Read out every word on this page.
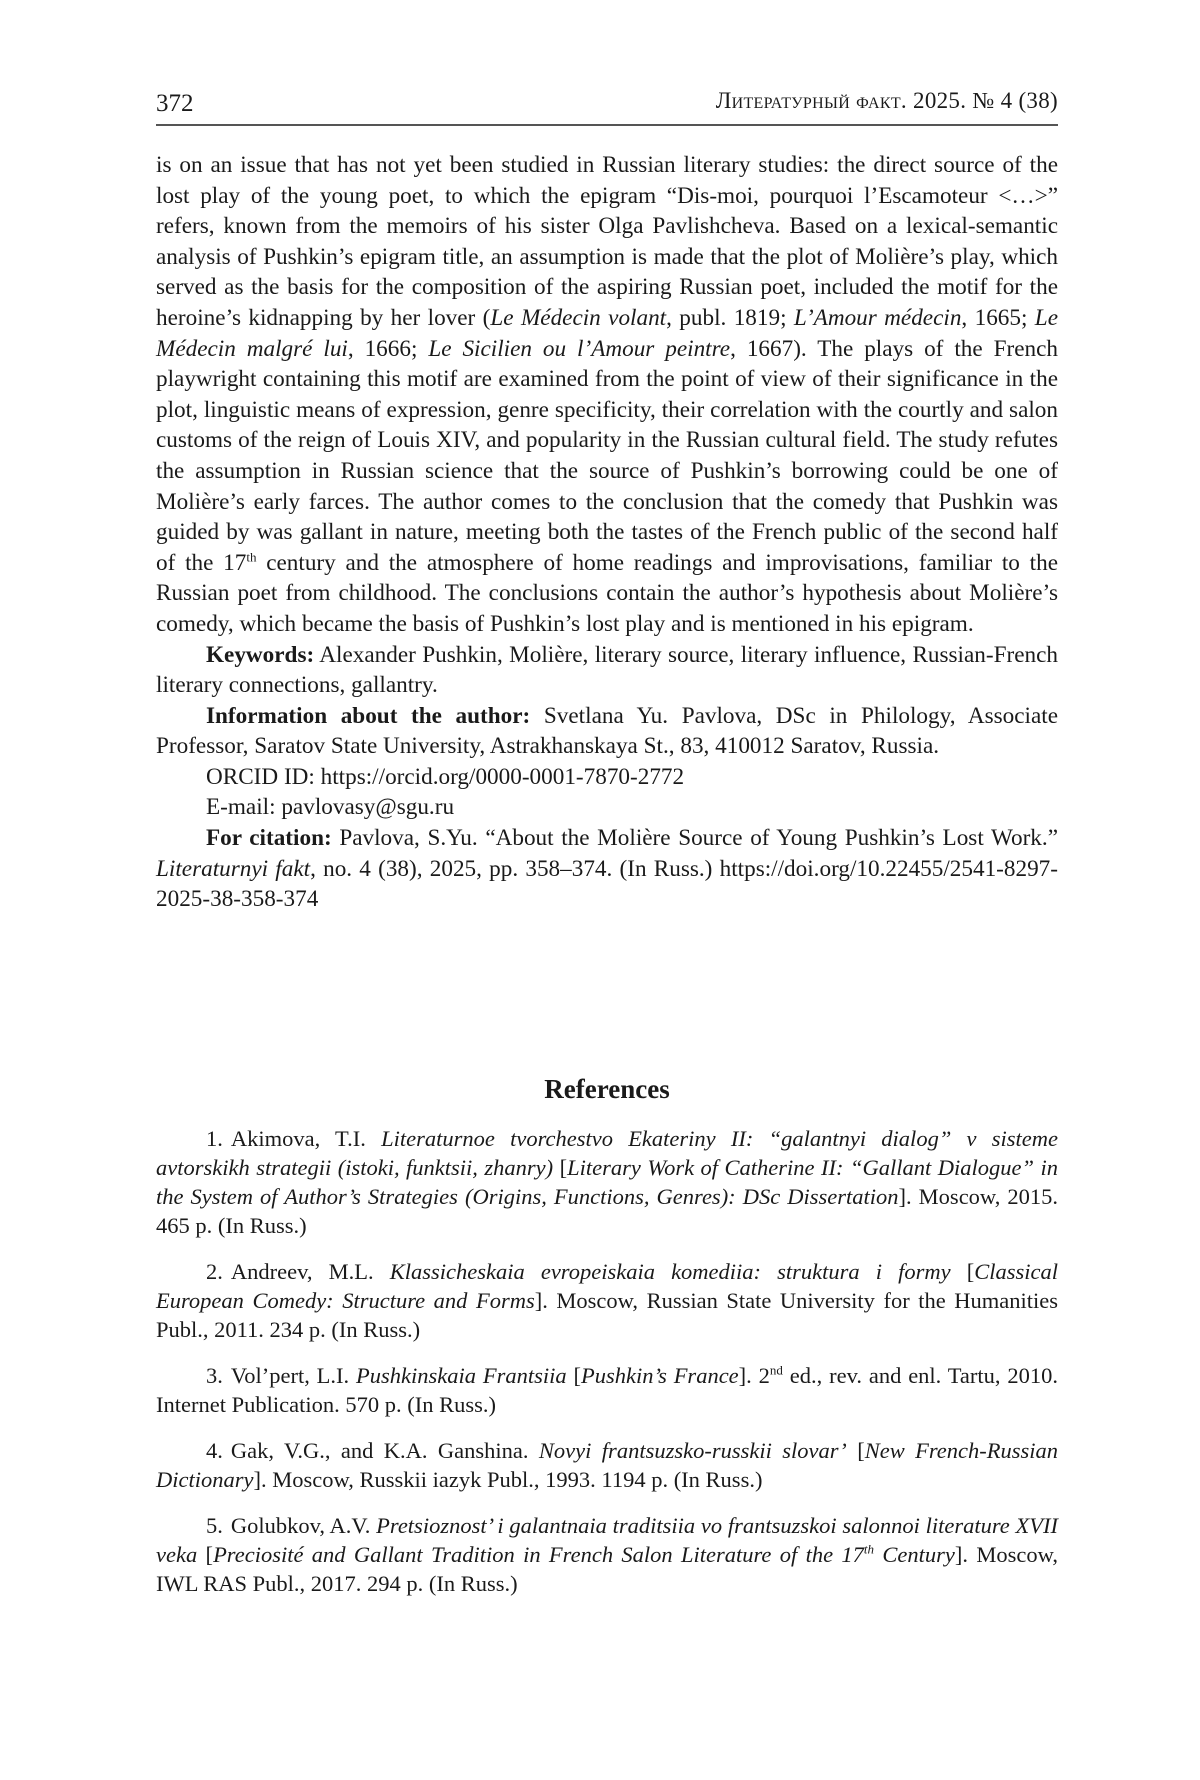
372	Литературный факт. 2025. № 4 (38)

is on an issue that has not yet been studied in Russian literary studies: the direct source of the lost play of the young poet, to which the epigram “Dis-moi, pourquoi l’Escamoteur <…>” refers, known from the memoirs of his sister Olga Pavlishcheva. Based on a lexical-semantic analysis of Pushkin’s epigram title, an assumption is made that the plot of Molière’s play, which served as the basis for the composition of the aspiring Russian poet, included the motif for the heroine’s kidnapping by her lover (Le Médecin volant, publ. 1819; L’Amour médecin, 1665; Le Médecin malgré lui, 1666; Le Sicilien ou l’Amour peintre, 1667). The plays of the French playwright containing this motif are examined from the point of view of their significance in the plot, linguistic means of expression, genre specificity, their correlation with the courtly and salon customs of the reign of Louis XIV, and popularity in the Russian cultural field. The study refutes the assumption in Russian science that the source of Pushkin’s borrowing could be one of Molière’s early farces. The author comes to the conclusion that the comedy that Pushkin was guided by was gallant in nature, meeting both the tastes of the French public of the second half of the 17th century and the atmosphere of home readings and improvisations, familiar to the Russian poet from childhood. The conclusions contain the author’s hypothesis about Molière’s comedy, which became the basis of Pushkin’s lost play and is mentioned in his epigram.

Keywords: Alexander Pushkin, Molière, literary source, literary influence, Russian-French literary connections, gallantry.

Information about the author: Svetlana Yu. Pavlova, DSc in Philology, Associate Professor, Saratov State University, Astrakhanskaya St., 83, 410012 Saratov, Russia.

ORCID ID: https://orcid.org/0000-0001-7870-2772

E-mail: pavlovasy@sgu.ru

For citation: Pavlova, S.Yu. “About the Molière Source of Young Pushkin’s Lost Work.” Literaturnyi fakt, no. 4 (38), 2025, pp. 358–374. (In Russ.) https://doi.org/10.22455/2541-8297-2025-38-358-374

References

1. Akimova, T.I. Literaturnoe tvorchestvo Ekateriny II: “galantnyi dialog” v sisteme avtorskikh strategii (istoki, funktsii, zhanry) [Literary Work of Catherine II: “Gallant Dialogue” in the System of Author’s Strategies (Origins, Functions, Genres): DSc Dissertation]. Moscow, 2015. 465 p. (In Russ.)

2. Andreev, M.L. Klassicheskaia evropeiskaia komediia: struktura i formy [Classical European Comedy: Structure and Forms]. Moscow, Russian State University for the Humanities Publ., 2011. 234 p. (In Russ.)

3. Vol’pert, L.I. Pushkinskaia Frantsiia [Pushkin’s France]. 2nd ed., rev. and enl. Tartu, 2010. Internet Publication. 570 p. (In Russ.)

4. Gak, V.G., and K.A. Ganshina. Novyi frantsuzsko-russkii slovar’ [New French-Russian Dictionary]. Moscow, Russkii iazyk Publ., 1993. 1194 p. (In Russ.)

5. Golubkov, A.V. Pretsioznost’ i galantnaia traditsiia vo frantsuzskoi salonnoi literature XVII veka [Preciosité and Gallant Tradition in French Salon Literature of the 17th Century]. Moscow, IWL RAS Publ., 2017. 294 p. (In Russ.)
